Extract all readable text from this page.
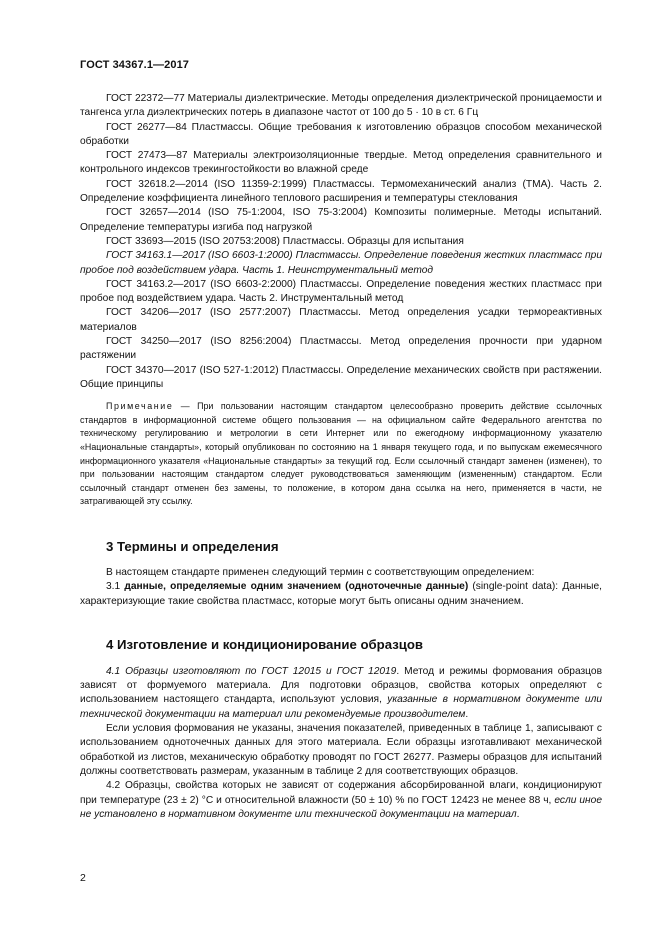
ГОСТ 34367.1—2017

ГОСТ 22372—77 Материалы диэлектрические. Методы определения диэлектрической проницаемости и тангенса угла диэлектрических потерь в диапазоне частот от 100 до 5 · 10 в ст. 6 Гц

ГОСТ 26277—84 Пластмассы. Общие требования к изготовлению образцов способом механической обработки

ГОСТ 27473—87 Материалы электроизоляционные твердые. Метод определения сравнительного и контрольного индексов трекингостойкости во влажной среде

ГОСТ 32618.2—2014 (ISO 11359-2:1999) Пластмассы. Термомеханический анализ (ТМА). Часть 2. Определение коэффициента линейного теплового расширения и температуры стеклования

ГОСТ 32657—2014 (ISO 75-1:2004, ISO 75-3:2004) Композиты полимерные. Методы испытаний. Определение температуры изгиба под нагрузкой

ГОСТ 33693—2015 (ISO 20753:2008) Пластмассы. Образцы для испытания

ГОСТ 34163.1—2017 (ISO 6603-1:2000) Пластмассы. Определение поведения жестких пластмасс при пробое под воздействием удара. Часть 1. Неинструментальный метод

ГОСТ 34163.2—2017 (ISO 6603-2:2000) Пластмассы. Определение поведения жестких пластмасс при пробое под воздействием удара. Часть 2. Инструментальный метод

ГОСТ 34206—2017 (ISO 2577:2007) Пластмассы. Метод определения усадки термореактивных материалов

ГОСТ 34250—2017 (ISO 8256:2004) Пластмассы. Метод определения прочности при ударном растяжении

ГОСТ 34370—2017 (ISO 527-1:2012) Пластмассы. Определение механических свойств при растяжении. Общие принципы

Примечание — При пользовании настоящим стандартом целесообразно проверить действие ссылочных стандартов в информационной системе общего пользования — на официальном сайте Федерального агентства по техническому регулированию и метрологии в сети Интернет или по ежегодному информационному указателю «Национальные стандарты», который опубликован по состоянию на 1 января текущего года, и по выпускам ежемесячного информационного указателя «Национальные стандарты» за текущий год. Если ссылочный стандарт заменен (изменен), то при пользовании настоящим стандартом следует руководствоваться заменяющим (измененным) стандартом. Если ссылочный стандарт отменен без замены, то положение, в котором дана ссылка на него, применяется в части, не затрагивающей эту ссылку.

3 Термины и определения

В настоящем стандарте применен следующий термин с соответствующим определением:

3.1 данные, определяемые одним значением (одноточечные данные) (single-point data): Данные, характеризующие такие свойства пластмасс, которые могут быть описаны одним значением.

4 Изготовление и кондиционирование образцов

4.1 Образцы изготовляют по ГОСТ 12015 и ГОСТ 12019. Метод и режимы формования образцов зависят от формуемого материала. Для подготовки образцов, свойства которых определяют с использованием настоящего стандарта, используют условия, указанные в нормативном документе или технической документации на материал или рекомендуемые производителем.

Если условия формования не указаны, значения показателей, приведенных в таблице 1, записывают с использованием одноточечных данных для этого материала. Если образцы изготавливают механической обработкой из листов, механическую обработку проводят по ГОСТ 26277. Размеры образцов для испытаний должны соответствовать размерам, указанным в таблице 2 для соответствующих образцов.

4.2 Образцы, свойства которых не зависят от содержания абсорбированной влаги, кондиционируют при температуре (23 ± 2) °С и относительной влажности (50 ± 10) % по ГОСТ 12423 не менее 88 ч, если иное не установлено в нормативном документе или технической документации на материал.

2
